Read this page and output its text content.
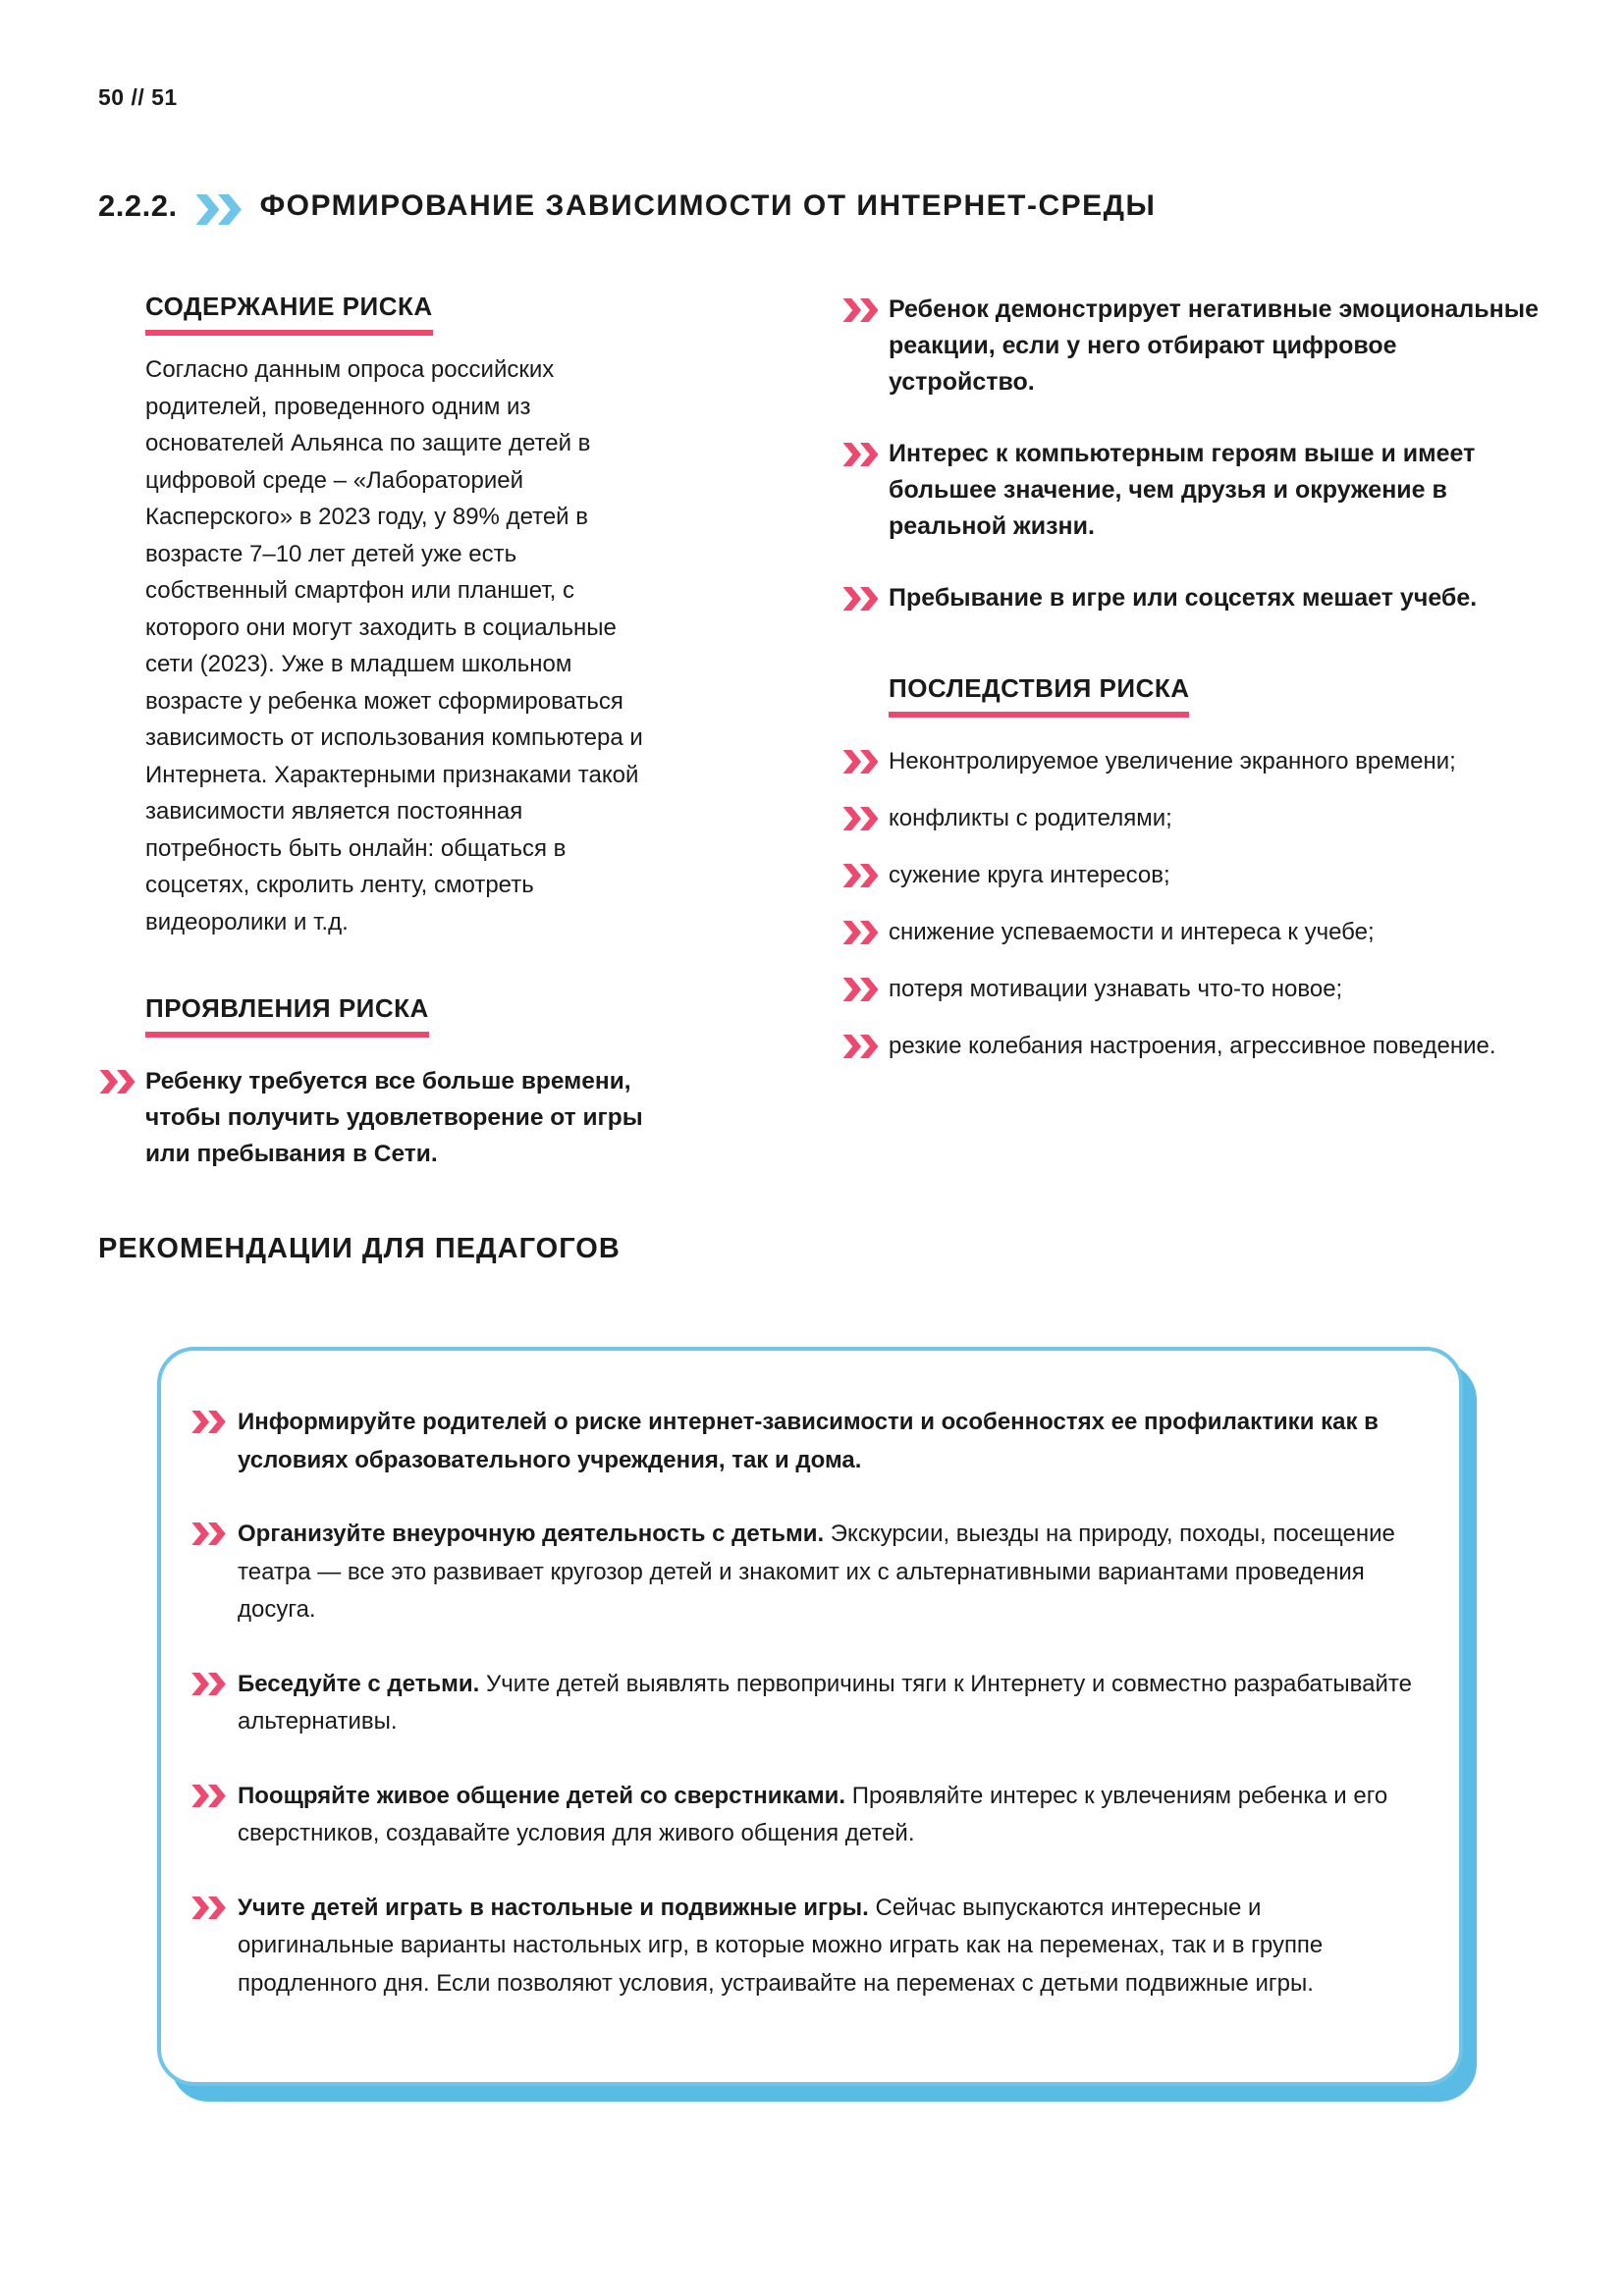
50 // 51
2.2.2.	ФОРМИРОВАНИЕ ЗАВИСИМОСТИ ОТ ИНТЕРНЕТ-СРЕДЫ
СОДЕРЖАНИЕ РИСКА

Согласно данным опроса российских родителей, проведенного одним из основателей Альянса по защите детей в цифровой среде – «Лабораторией Касперского» в 2023 году, у 89% детей в возрасте 7–10 лет детей уже есть собственный смартфон или планшет, с которого они могут заходить в социальные сети (2023). Уже в младшем школьном возрасте у ребенка может сформироваться зависимость от использования компьютера и Интернета. Характерными признаками такой зависимости является постоянная потребность быть онлайн: общаться в соцсетях, скролить ленту, смотреть видеоролики и т.д.

ПРОЯВЛЕНИЯ РИСКА
Ребенку требуется все больше времени, чтобы получить удовлетворение от игры или пребывания в Сети.
Ребенок демонстрирует негативные эмоциональные реакции, если у него отбирают цифровое устройство.
Интерес к компьютерным героям выше и имеет большее значение, чем друзья и окружение в реальной жизни.
Пребывание в игре или соцсетях мешает учебе.
ПОСЛЕДСТВИЯ РИСКА
Неконтролируемое увеличение экранного времени;
конфликты с родителями;
сужение круга интересов;
снижение успеваемости и интереса к учебе;
потеря мотивации узнавать что-то новое;
резкие колебания настроения, агрессивное поведение.
РЕКОМЕНДАЦИИ ДЛЯ ПЕДАГОГОВ
Информируйте родителей о риске интернет-зависимости и особенностях ее профилактики как в условиях образовательного учреждения, так и дома.
Организуйте внеурочную деятельность с детьми. Экскурсии, выезды на природу, походы, посещение театра — все это развивает кругозор детей и знакомит их с альтернативными вариантами проведения досуга.
Беседуйте с детьми. Учите детей выявлять первопричины тяги к Интернету и совместно разрабатывайте альтернативы.
Поощряйте живое общение детей со сверстниками. Проявляйте интерес к увлечениям ребенка и его сверстников, создавайте условия для живого общения детей.
Учите детей играть в настольные и подвижные игры. Сейчас выпускаются интересные и оригинальные варианты настольных игр, в которые можно играть как на переменах, так и в группе продленного дня. Если позволяют условия, устраивайте на переменах с детьми подвижные игры.
